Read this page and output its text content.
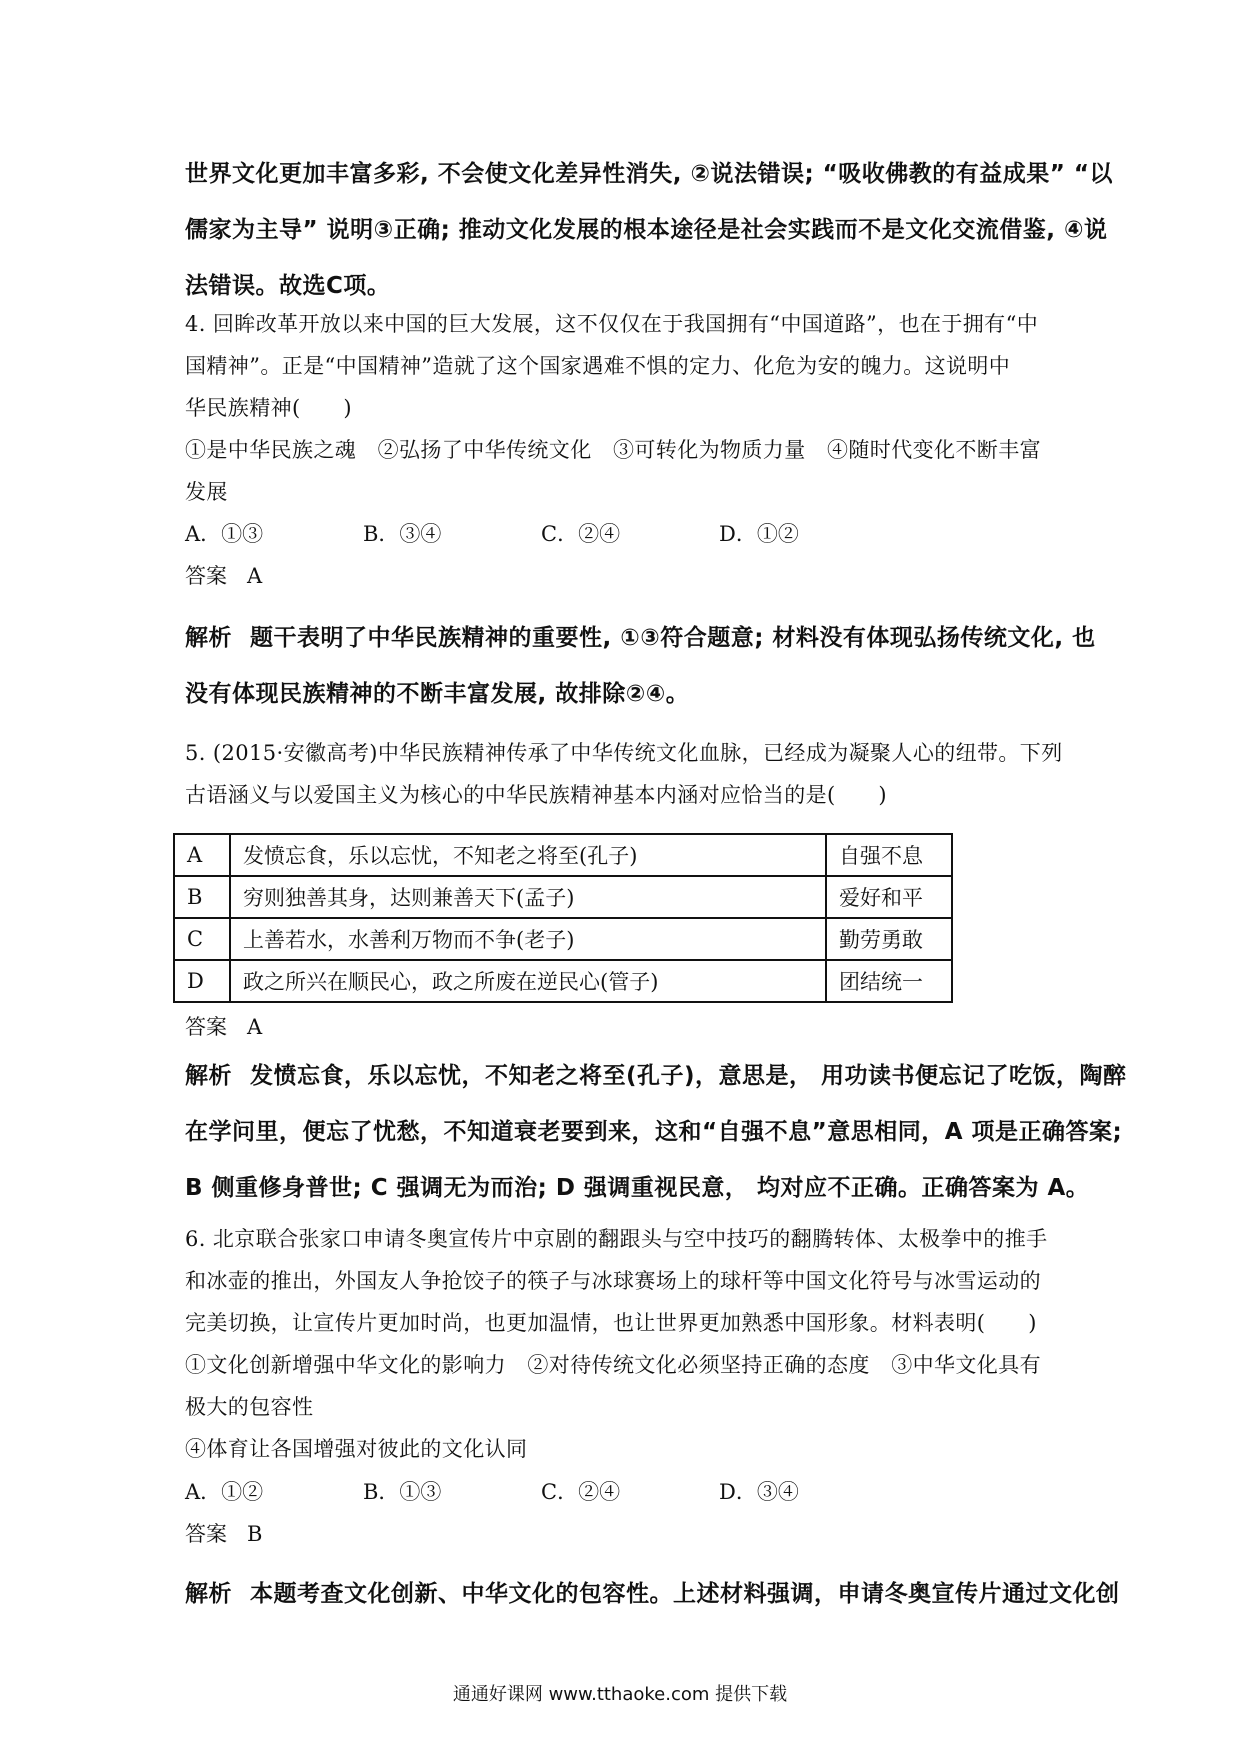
世界文化更加丰富多彩, 不会使文化差异性消失, ②说法错误; “吸收佛教的有益成果” “以

儒家为主导” 说明③正确; 推动文化发展的根本途径是社会实践而不是文化交流借鉴, ④说

法错误。故选C项。

4. 回眸改革开放以来中国的巨大发展，这不仅仅在于我国拥有“中国道路”，也在于拥有“中

国精神”。正是“中国精神”造就了这个国家遇难不惧的定力、化危为安的魄力。这说明中

华民族精神(　　)

①是中华民族之魂　②弘扬了中华传统文化　③可转化为物质力量　④随时代变化不断丰富

发展

A．①③	B．③④	C．②④	D．①②
答案 A

解析 题干表明了中华民族精神的重要性, ①③符合题意; 材料没有体现弘扬传统文化, 也

没有体现民族精神的不断丰富发展, 故排除②④。

5. (2015·安徽高考)中华民族精神传承了中华传统文化血脉，已经成为凝聚人心的纽带。下列

古语涵义与以爱国主义为核心的中华民族精神基本内涵对应恰当的是(　　)

A	发愤忘食，乐以忘忧，不知老之将至(孔子)	自强不息
B	穷则独善其身，达则兼善天下(孟子)	爱好和平
C	上善若水，水善利万物而不争(老子)	勤劳勇敢
D	政之所兴在顺民心，政之所废在逆民心(管子)	团结统一
答案 A

解析 发愤忘食，乐以忘忧，不知老之将至(孔子)，意思是， 用功读书便忘记了吃饭，陶醉

在学问里，便忘了忧愁，不知道衰老要到来，这和“自强不息”意思相同，A 项是正确答案;

B 侧重修身普世; C 强调无为而治; D 强调重视民意， 均对应不正确。正确答案为 A。

6. 北京联合张家口申请冬奥宣传片中京剧的翻跟头与空中技巧的翻腾转体、太极拳中的推手

和冰壶的推出，外国友人争抢饺子的筷子与冰球赛场上的球杆等中国文化符号与冰雪运动的

完美切换，让宣传片更加时尚，也更加温情，也让世界更加熟悉中国形象。材料表明(　　)

①文化创新增强中华文化的影响力　②对待传统文化必须坚持正确的态度　③中华文化具有

极大的包容性

④体育让各国增强对彼此的文化认同

A．①②	B．①③	C．②④	D．③④
答案 B

解析 本题考查文化创新、中华文化的包容性。上述材料强调，申请冬奥宣传片通过文化创

通通好课网 www.tthaoke.com 提供下载
